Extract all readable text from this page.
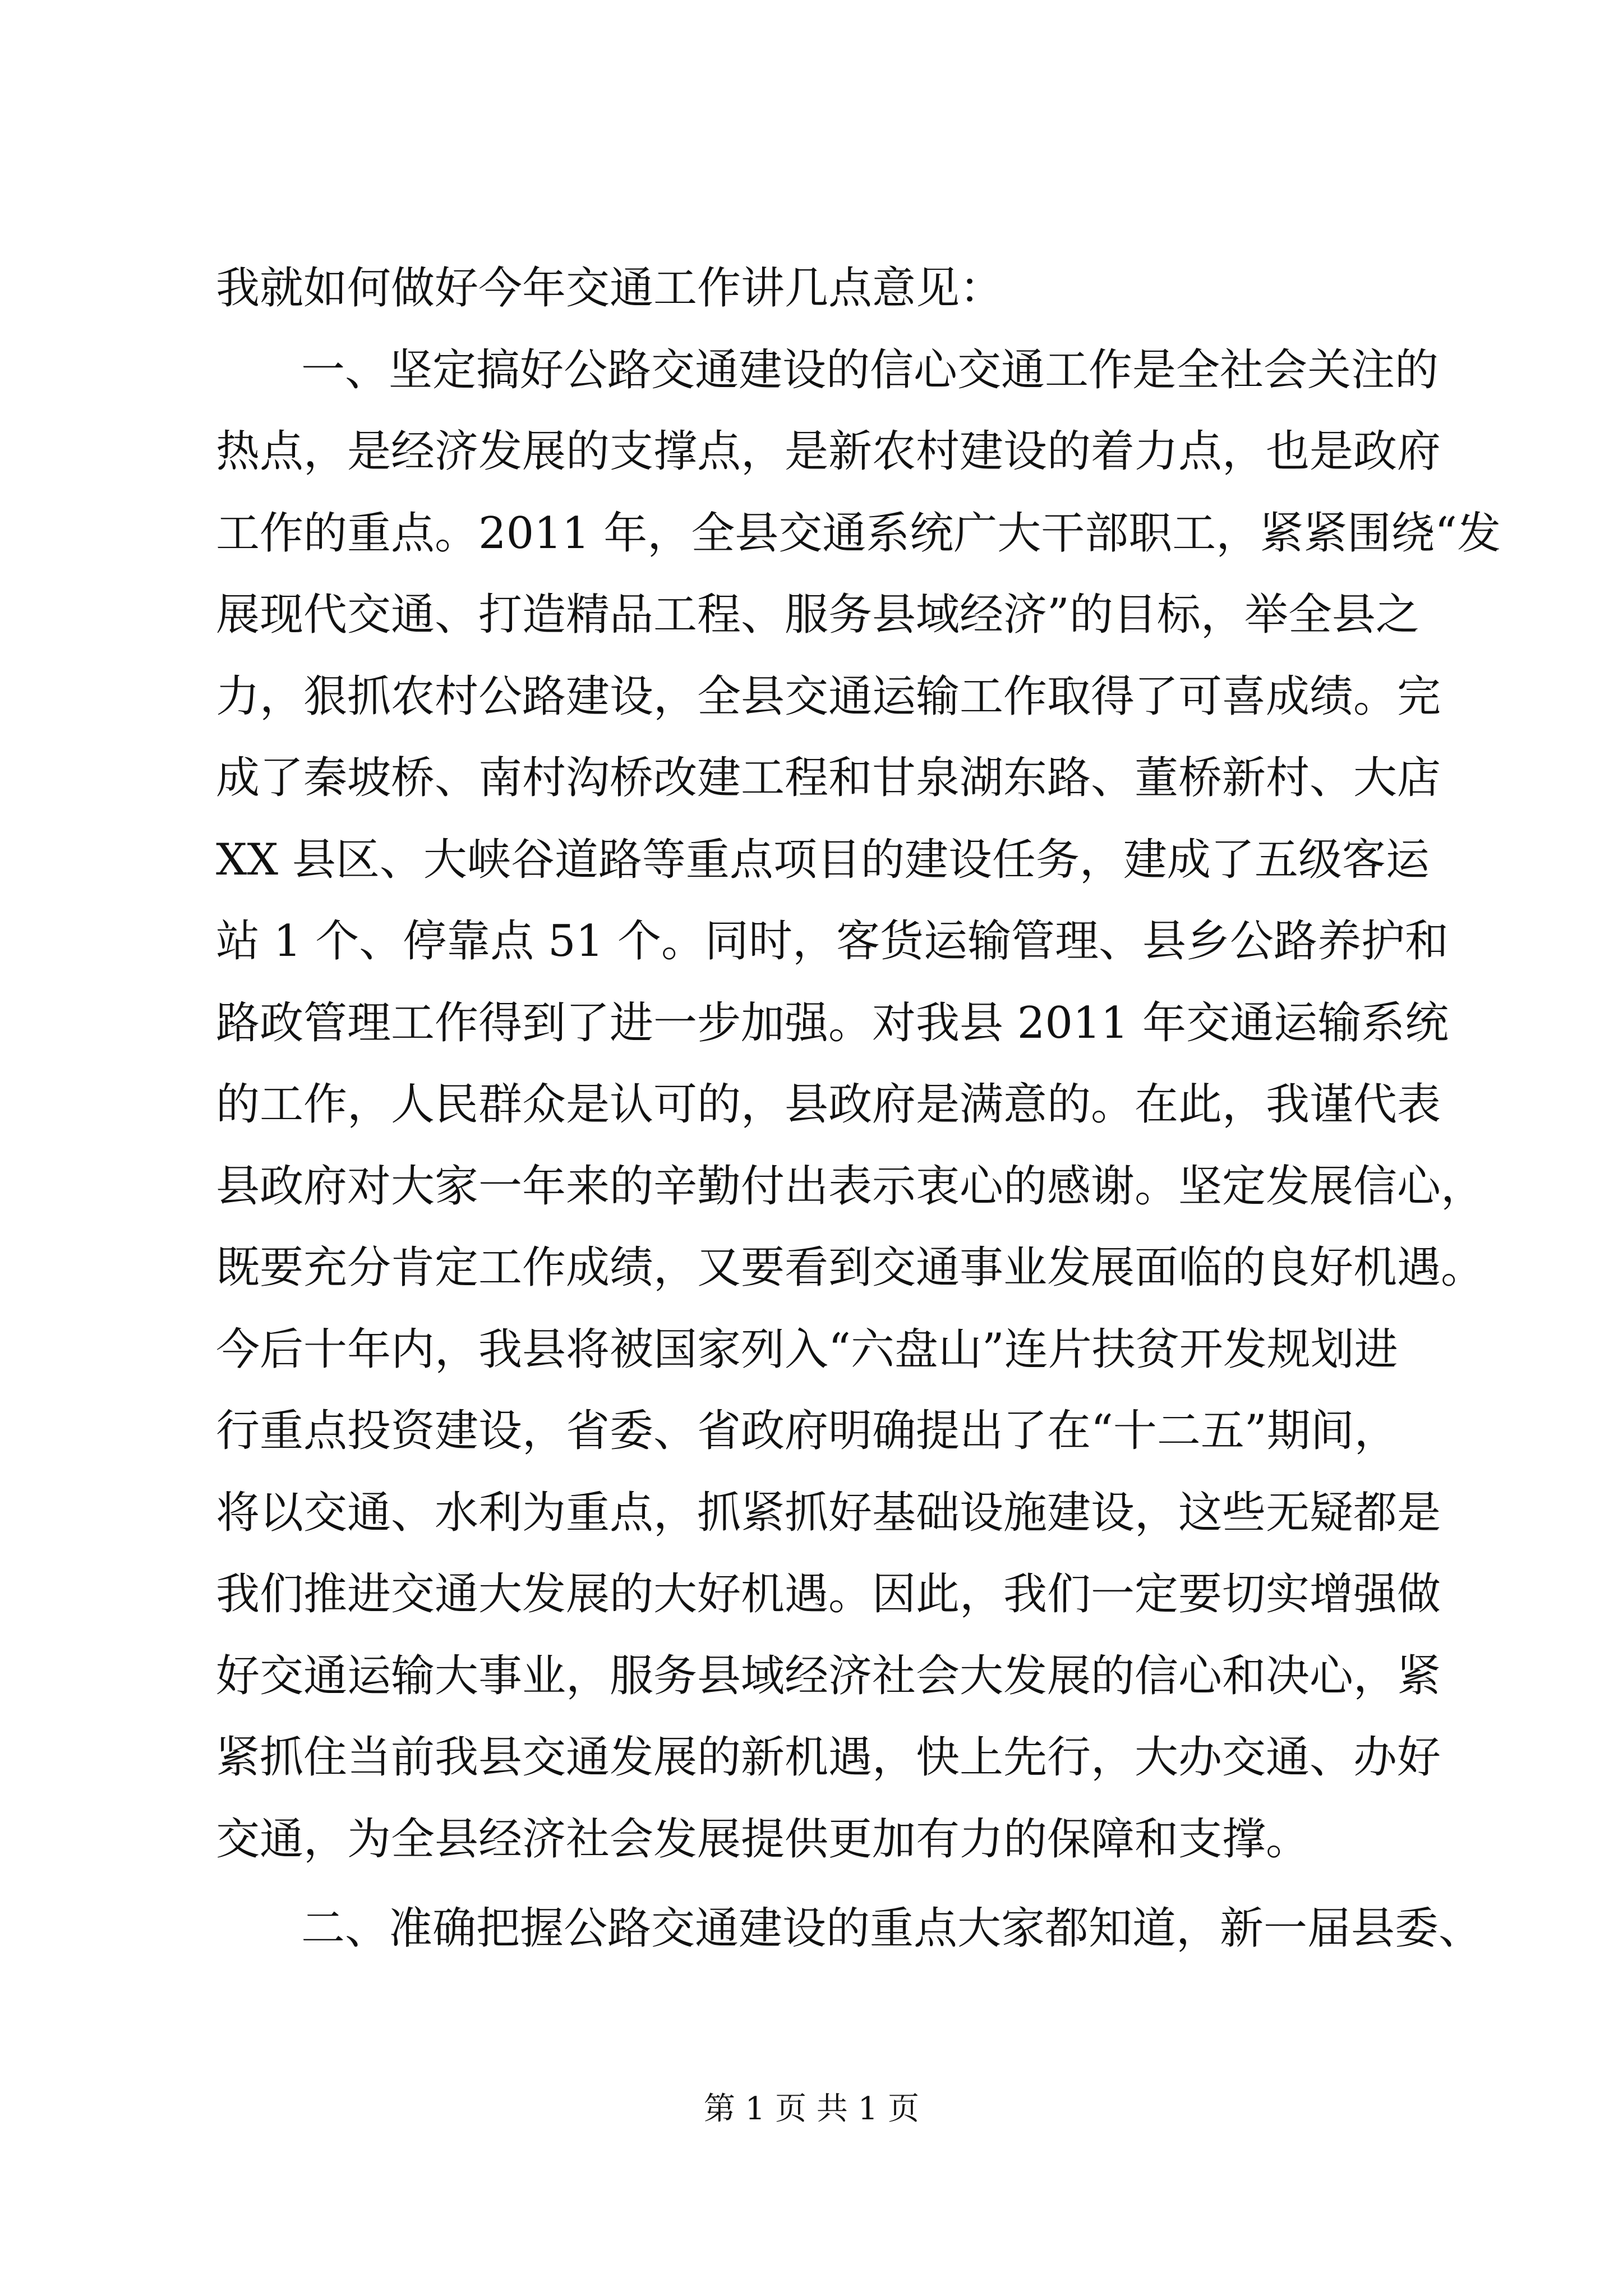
我就如何做好今年交通工作讲几点意见：
一、坚定搞好公路交通建设的信心交通工作是全社会关注的
热点，是经济发展的支撑点，是新农村建设的着力点，也是政府
工作的重点。2011 年，全县交通系统广大干部职工，紧紧围绕“发
展现代交通、打造精品工程、服务县域经济”的目标，举全县之
力，狠抓农村公路建设，全县交通运输工作取得了可喜成绩。完
成了秦坡桥、南村沟桥改建工程和甘泉湖东路、董桥新村、大店
XX 县区、大峡谷道路等重点项目的建设任务，建成了五级客运
站 1 个、停靠点 51 个。同时，客货运输管理、县乡公路养护和
路政管理工作得到了进一步加强。对我县 2011 年交通运输系统
的工作，人民群众是认可的，县政府是满意的。在此，我谨代表
县政府对大家一年来的辛勤付出表示衷心的感谢。坚定发展信心，
既要充分肯定工作成绩，又要看到交通事业发展面临的良好机遇。
今后十年内，我县将被国家列入“六盘山”连片扶贫开发规划进
行重点投资建设，省委、省政府明确提出了在“十二五”期间，
将以交通、水利为重点，抓紧抓好基础设施建设，这些无疑都是
我们推进交通大发展的大好机遇。因此，我们一定要切实增强做
好交通运输大事业，服务县域经济社会大发展的信心和决心，紧
紧抓住当前我县交通发展的新机遇，快上先行，大办交通、办好
交通，为全县经济社会发展提供更加有力的保障和支撑。
二、准确把握公路交通建设的重点大家都知道，新一届县委、
第 1 页 共 1 页
